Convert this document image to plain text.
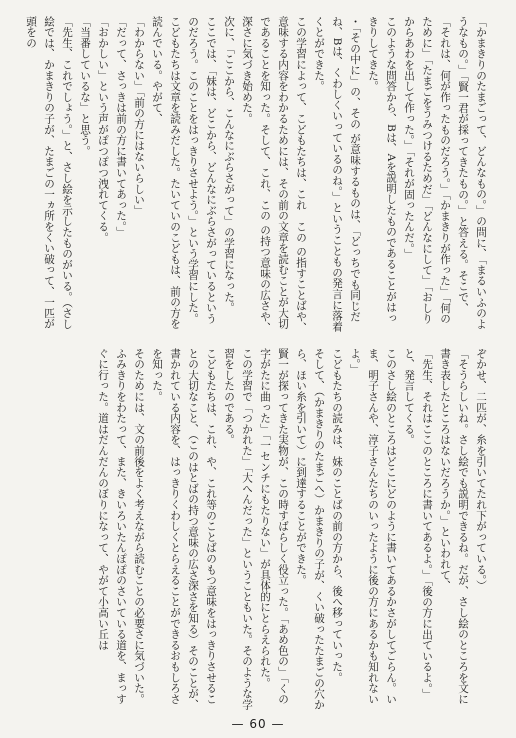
「かまきりのたまごって、どんなもの。」の問に、「まるいふのようなもの。」「賢一君が採ってきたもの。」と答える。そこで、

「それは、何が作ったものだろう。」「かまきりが作った」「何のために」「たまごをうみつけるためだ」「どんなにして」「おしりからあわを出して作った。」「それが固ったんだ。」

このような問答から、Bは、Aを説明したものであることがはっきりしてきた。

・「その中に」の、その が意味するものは、「どっちでも同じだね、Bは、くわしくいっているのね。」ということもの発言に落着くとができた。

この学習によって、こどもたちは、これ　この の指すことばや、意味する内容をわかるためには、その前の文章を読むことが大切であることを知った。そして、これ、この の持つ意味の広さや、深さに気づき始めた。

次に、「ここから、こんなにぶらさがって」の学習になった。

ここでは、「妹は、どこから、どんなにぶらさがっているというのだろう。このことをはっきりさせよう。」という学習にした。

こどもたちは文章を読みだした。たいていのこどもは、前の方を読んでいる。やがて、

「わからない」「前の方にはないらしい」

「だって、さっきは前の方に書いてあった。」

「おかしい」という声がぽつぽつ洩れてくる。

「当番しているな」と思う。

「先生、これでしょう。」と、さし絵を示したものがいる。（さし絵では、かまきりの子が、たまごの一ヵ所をくい破って、一匹が頭をの

ぞかせ、二匹が、糸を引いてたれ下がっている。）

「そうらしいね。さし絵でも説明できるね。だが、さし絵のところを文に書き表したところはないだろうか。」といわれて、

「先生、それはここのところに書いてあるよ。」「後の方に出ているよ。」と、発言してくる。

このさし絵のところはどこにどのように書いてあるかさがしてごらん。いま、明子さんや、淳子さんたちのいったように後の方にあるかも知れないよ。」

こどもたちの読みは、妹のことばの前の方から、後へ移っていった。

そして、（かまきりのたまごへ）かまきりの子が、くい破ったたまごの穴から、ほい糸を引いて）に到達することができた。

賢一が探ってきた実物が、この時すばらしく役立った。「あめ色の」「くの字がたに曲った」「一センチにもたりない」が具体的にとらえられた。

この学習で「つかれた」「大へんだった」ということもいた。そのような学習をしたのである。

こどもたちは、これ、や、これ等のことばのもつ意味をはっきりさせることの大切なこと、（このはとばの持つ意味の広さ深さを知る）そのことが、書かれている内容を、はっきりくわしくとらえることができるおもしろさを知った。

そのためには、文の前後をよく考えながら読むことの必要さに気づいた。

ふみきりをわたって、また、きいろいたんぽぽのさいている道を、まっすぐに行った。道はだんだんのぼりになって、やがて小高い丘は

— 60 —
